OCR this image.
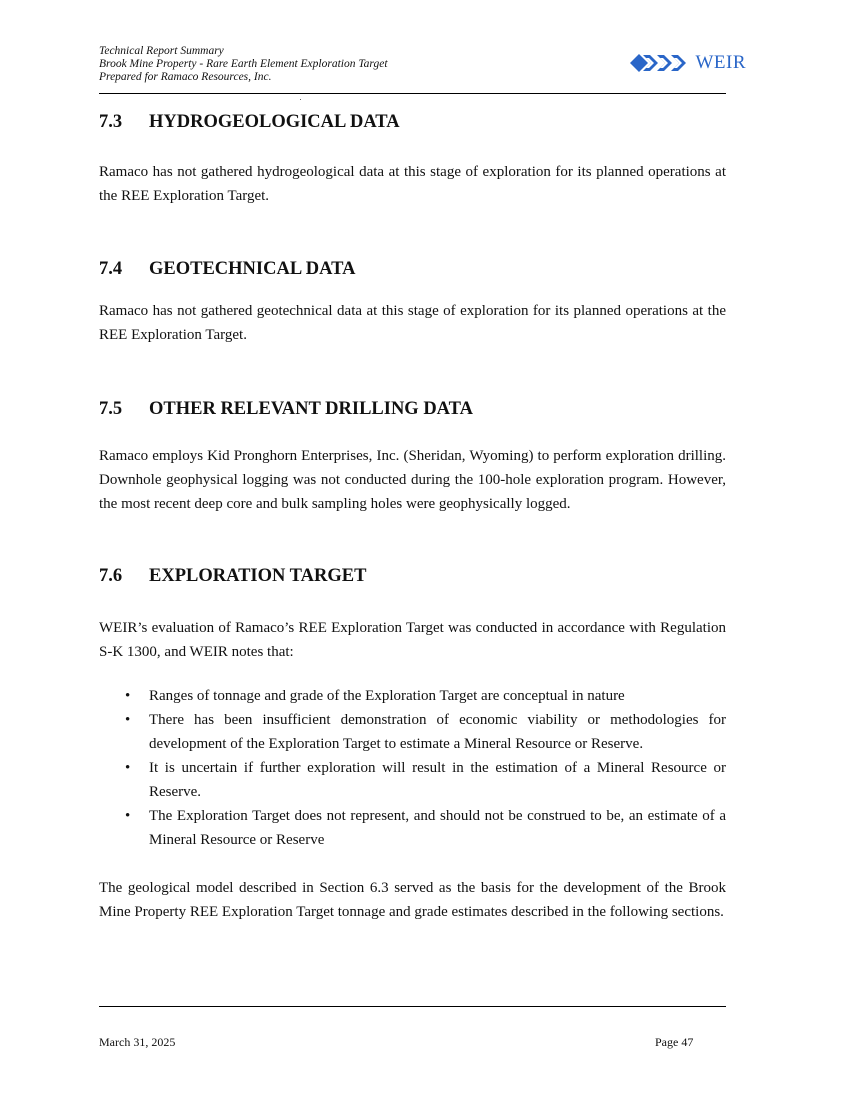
Technical Report Summary
Brook Mine Property - Rare Earth Element Exploration Target
Prepared for Ramaco Resources, Inc.
WEIR
7.3 HYDROGEOLOGICAL DATA
Ramaco has not gathered hydrogeological data at this stage of exploration for its planned operations at the REE Exploration Target.
7.4 GEOTECHNICAL DATA
Ramaco has not gathered geotechnical data at this stage of exploration for its planned operations at the REE Exploration Target.
7.5 OTHER RELEVANT DRILLING DATA
Ramaco employs Kid Pronghorn Enterprises, Inc. (Sheridan, Wyoming) to perform exploration drilling. Downhole geophysical logging was not conducted during the 100-hole exploration program. However, the most recent deep core and bulk sampling holes were geophysically logged.
7.6 EXPLORATION TARGET
WEIR’s evaluation of Ramaco’s REE Exploration Target was conducted in accordance with Regulation S-K 1300, and WEIR notes that:
• Ranges of tonnage and grade of the Exploration Target are conceptual in nature
• There has been insufficient demonstration of economic viability or methodologies for development of the Exploration Target to estimate a Mineral Resource or Reserve.
• It is uncertain if further exploration will result in the estimation of a Mineral Resource or Reserve.
• The Exploration Target does not represent, and should not be construed to be, an estimate of a Mineral Resource or Reserve
The geological model described in Section 6.3 served as the basis for the development of the Brook Mine Property REE Exploration Target tonnage and grade estimates described in the following sections.
March 31, 2025	Page 47
